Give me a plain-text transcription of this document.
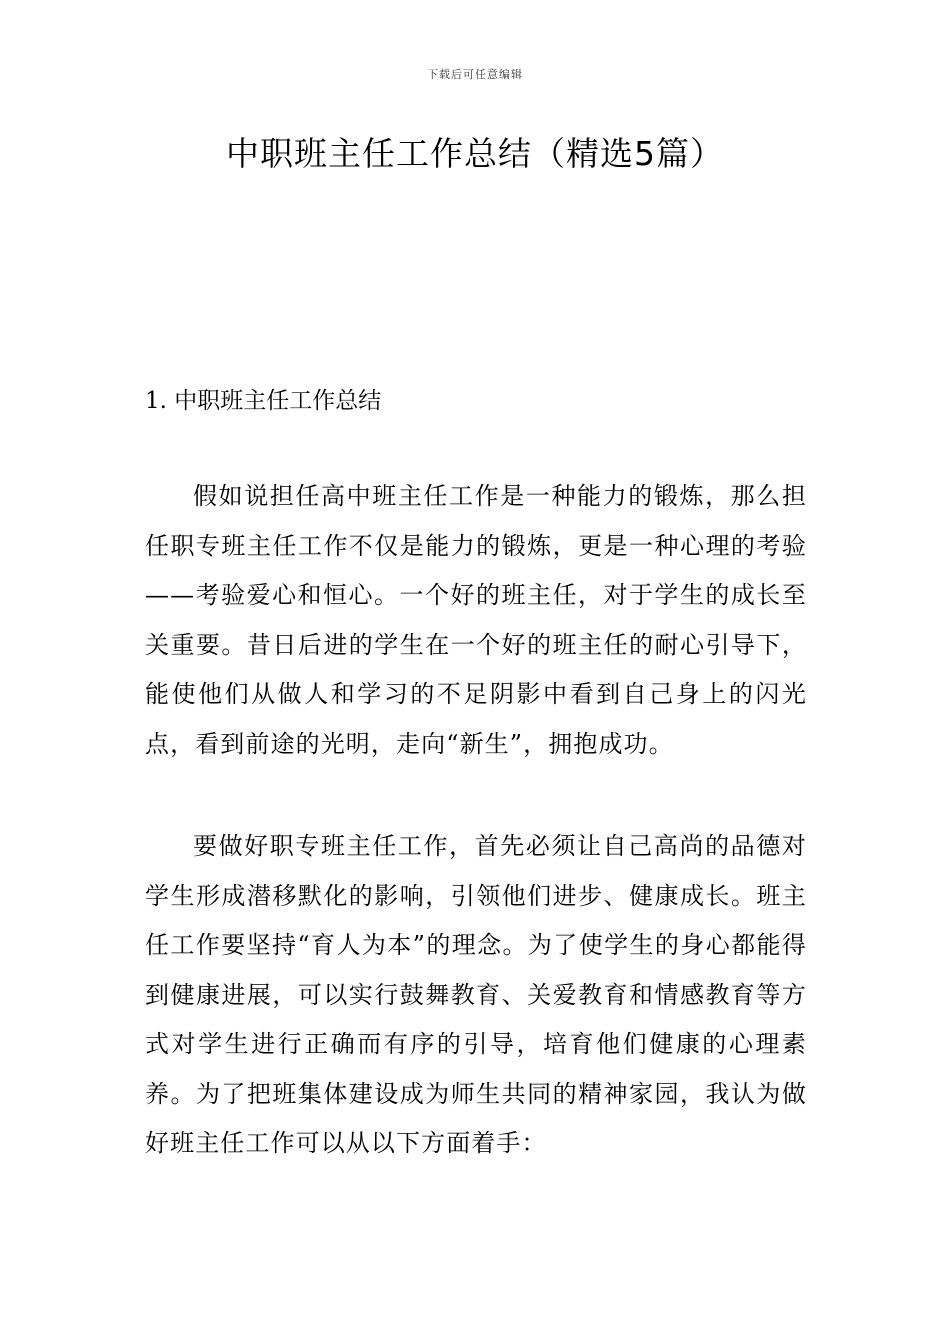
下载后可任意编辑
中职班主任工作总结（精选5篇）
1. 中职班主任工作总结

假如说担任高中班主任工作是一种能力的锻炼，那么担任职专班主任工作不仅是能力的锻炼，更是一种心理的考验——考验爱心和恒心。一个好的班主任，对于学生的成长至关重要。昔日后进的学生在一个好的班主任的耐心引导下，能使他们从做人和学习的不足阴影中看到自己身上的闪光点，看到前途的光明，走向“新生”，拥抱成功。

要做好职专班主任工作，首先必须让自己高尚的品德对学生形成潜移默化的影响，引领他们进步、健康成长。班主任工作要坚持“育人为本”的理念。为了使学生的身心都能得到健康进展，可以实行鼓舞教育、关爱教育和情感教育等方式对学生进行正确而有序的引导，培育他们健康的心理素养。为了把班集体建设成为师生共同的精神家园，我认为做好班主任工作可以从以下方面着手：
